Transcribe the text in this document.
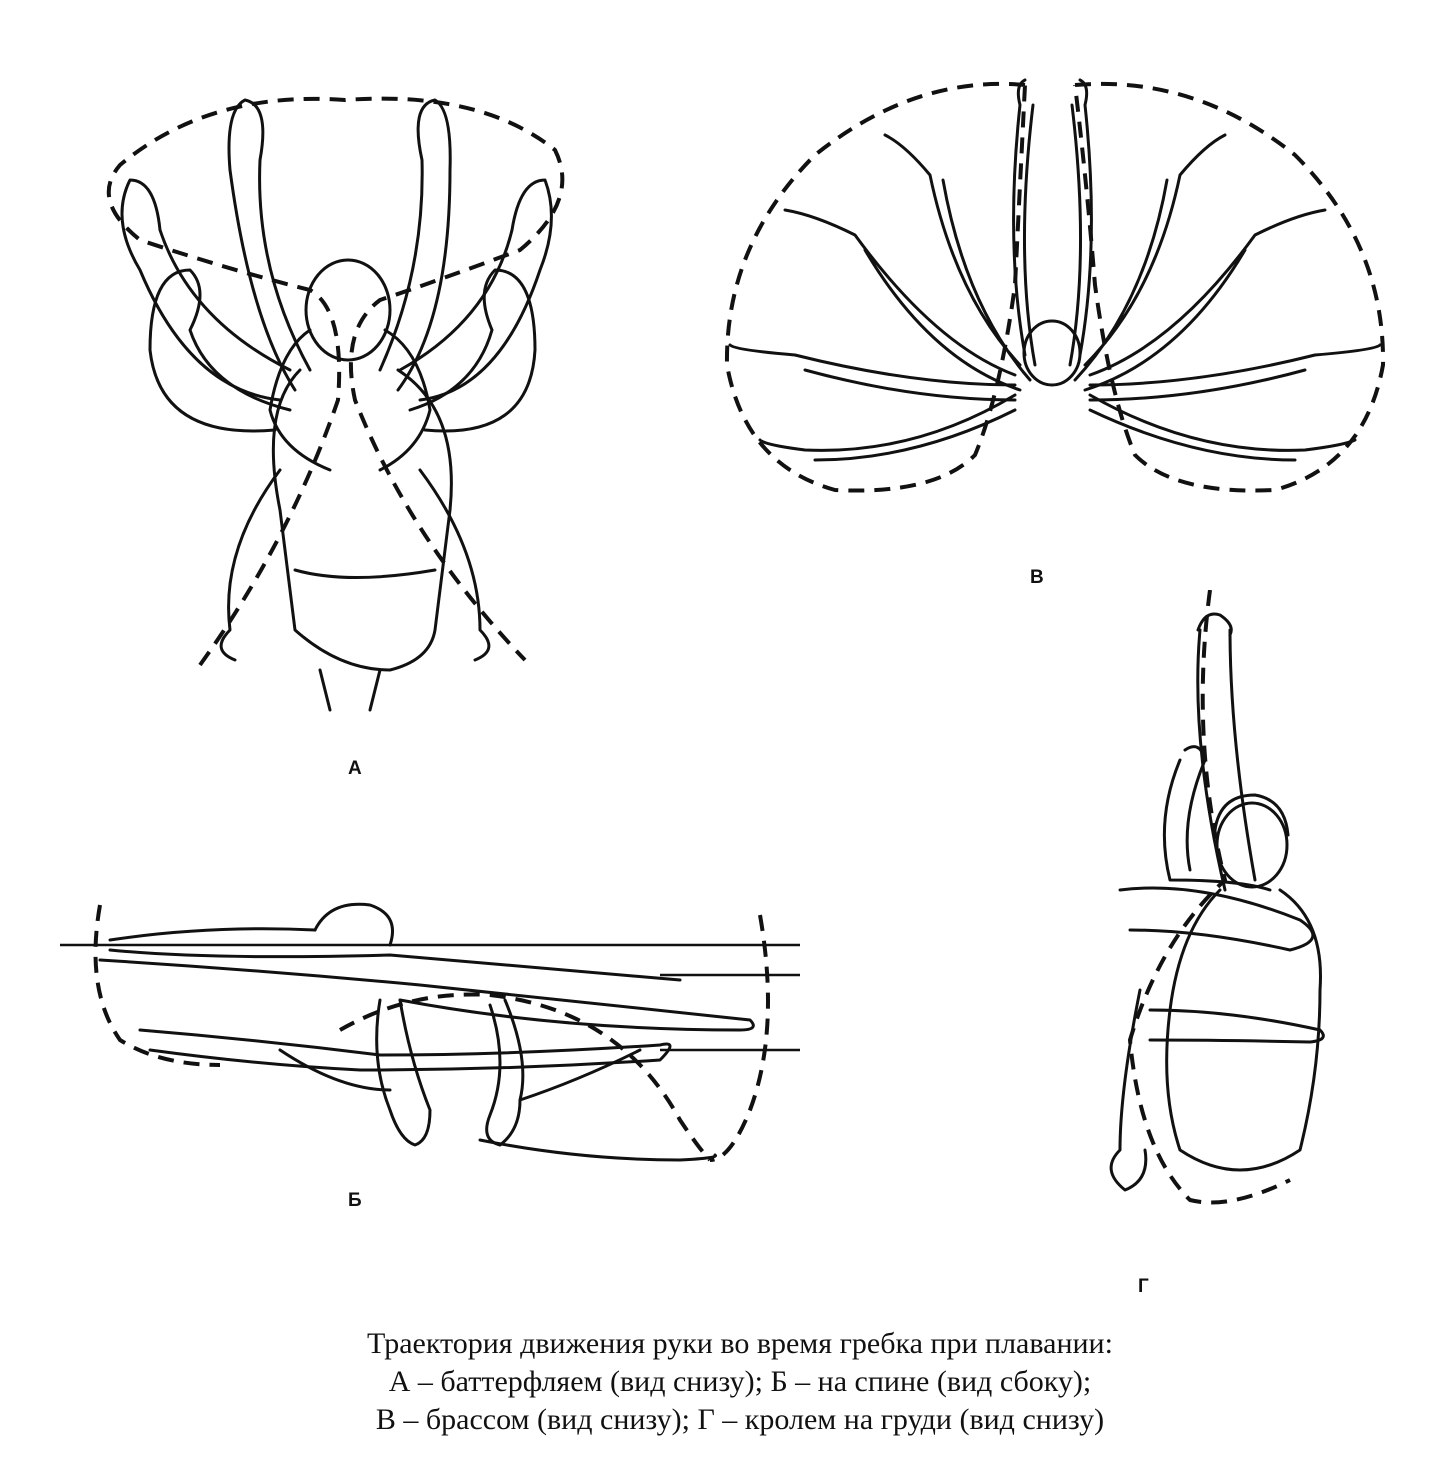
А
В
Б
Г
Траектория движения руки во время гребка при плавании:
А – баттерфляем (вид снизу); Б – на спине (вид сбоку);
В – брассом (вид снизу); Г – кролем на груди (вид снизу)
